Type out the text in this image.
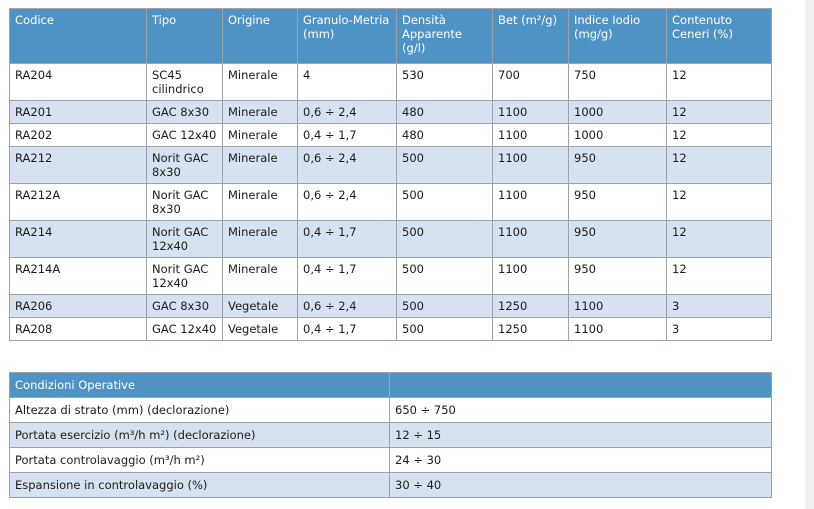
Codice	Tipo	Origine	Granulo-Metria (mm)	Densità Apparente (g/l)	Bet (m²/g)	Indice Iodio (mg/g)	Contenuto Ceneri (%)
RA204	SC45 cilindrico	Minerale	4	530	700	750	12
RA201	GAC 8x30	Minerale	0,6 ÷ 2,4	480	1100	1000	12
RA202	GAC 12x40	Minerale	0,4 ÷ 1,7	480	1100	1000	12
RA212	Norit GAC 8x30	Minerale	0,6 ÷ 2,4	500	1100	950	12
RA212A	Norit GAC 8x30	Minerale	0,6 ÷ 2,4	500	1100	950	12
RA214	Norit GAC 12x40	Minerale	0,4 ÷ 1,7	500	1100	950	12
RA214A	Norit GAC 12x40	Minerale	0,4 ÷ 1,7	500	1100	950	12
RA206	GAC 8x30	Vegetale	0,6 ÷ 2,4	500	1250	1100	3
RA208	GAC 12x40	Vegetale	0,4 ÷ 1,7	500	1250	1100	3
Condizioni Operative	
Altezza di strato (mm) (declorazione)	650 ÷ 750
Portata esercizio (m³/h m²) (declorazione)	12 ÷ 15
Portata controlavaggio (m³/h m²)	24 ÷ 30
Espansione in controlavaggio (%)	30 ÷ 40
